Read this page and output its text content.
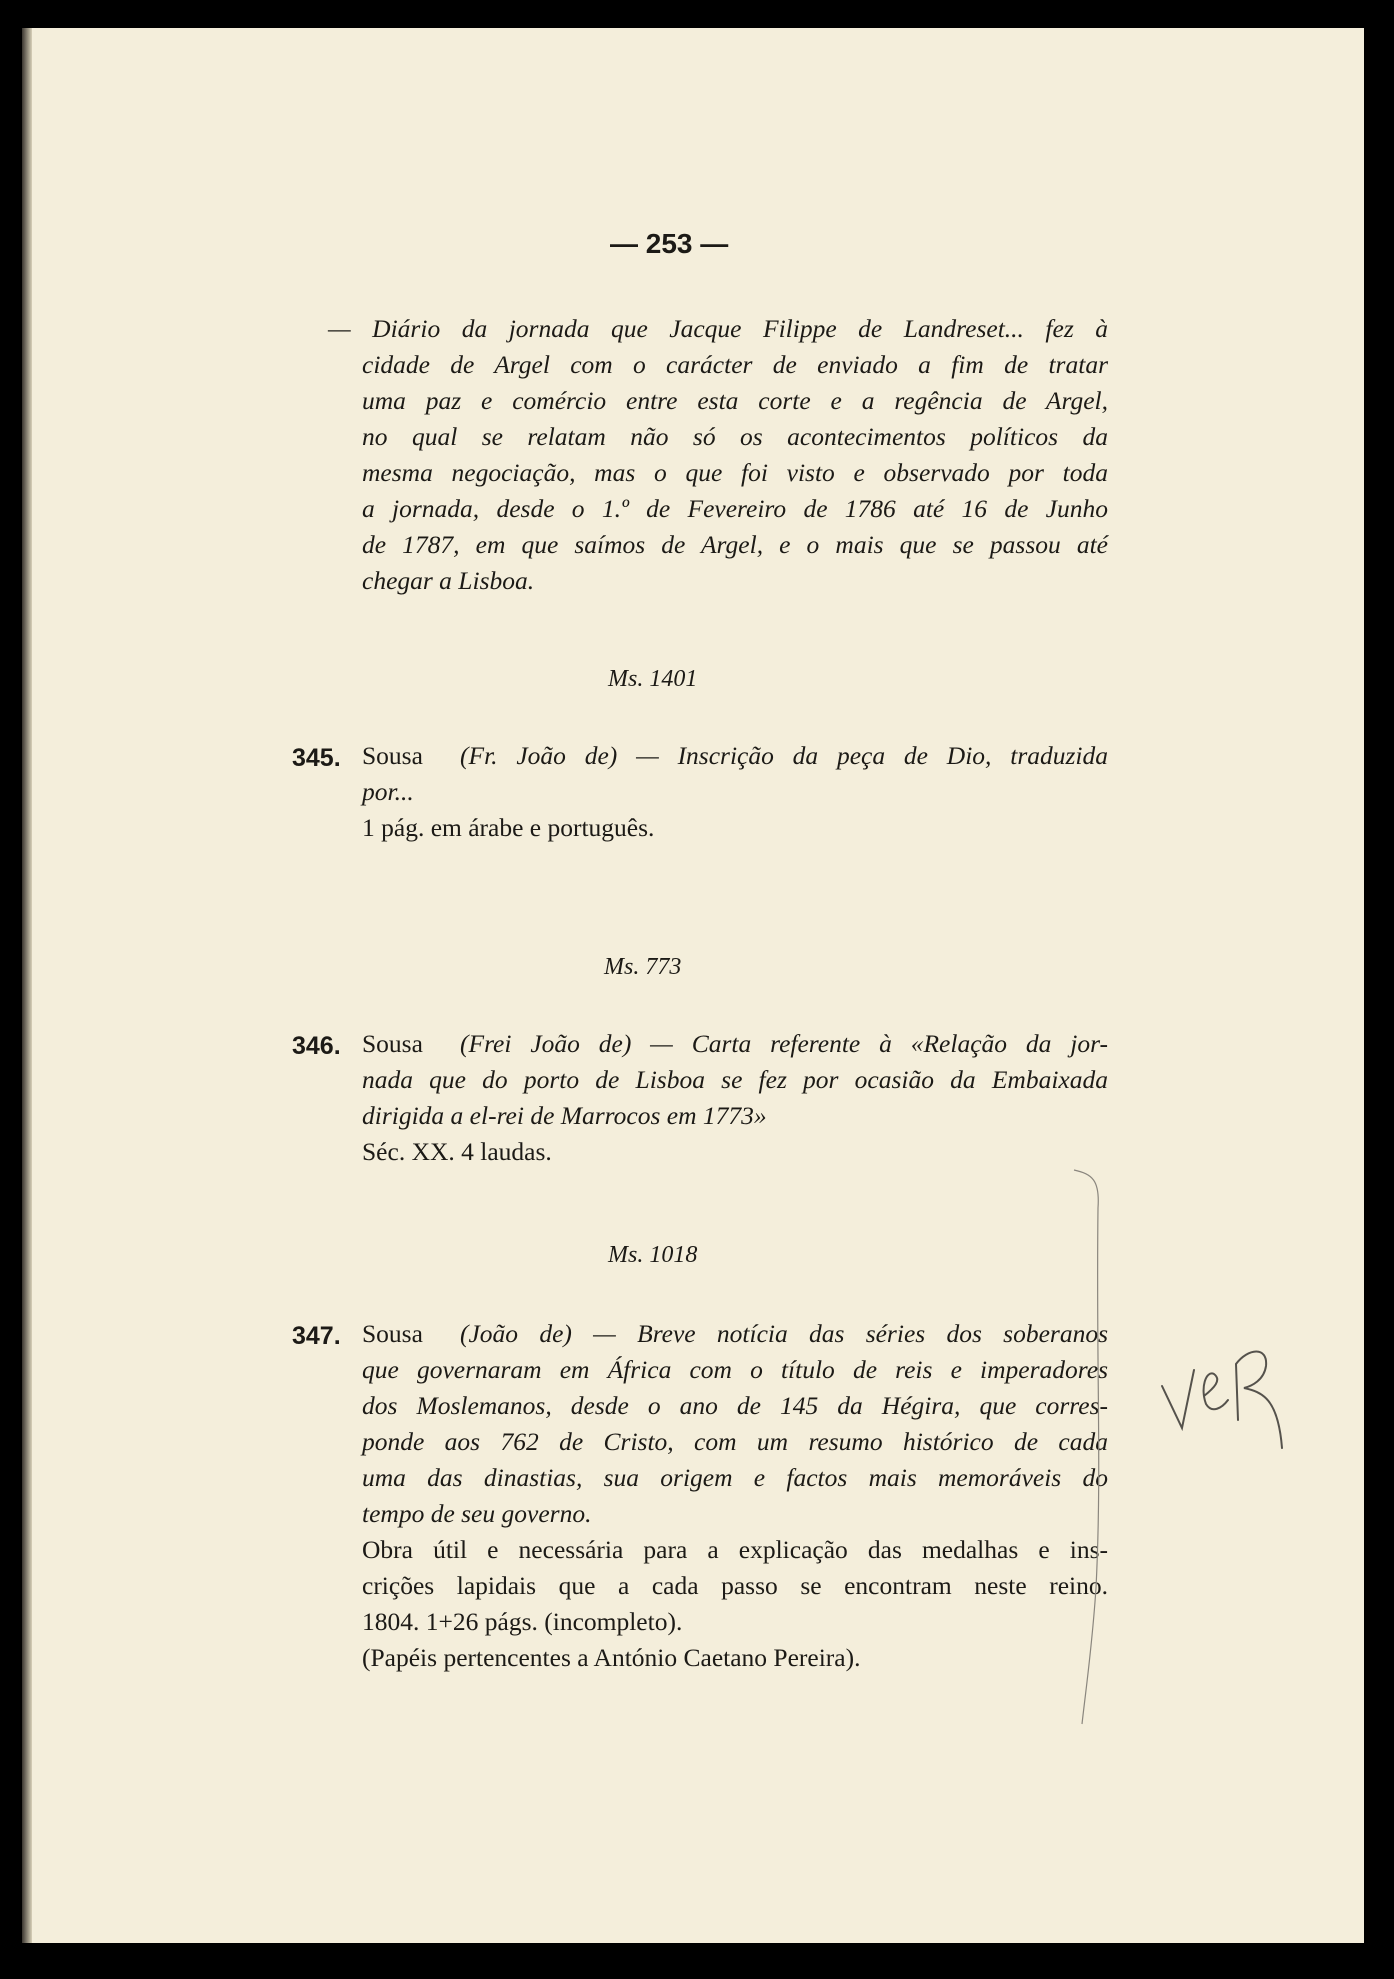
— 253 —
— Diário da jornada que Jacque Filippe de Landreset... fez à
cidade de Argel com o carácter de enviado a fim de tratar
uma paz e comércio entre esta corte e a regência de Argel,
no qual se relatam não só os acontecimentos políticos da
mesma negociação, mas o que foi visto e observado por toda
a jornada, desde o 1.º de Fevereiro de 1786 até 16 de Junho
de 1787, em que saímos de Argel, e o mais que se passou até
chegar a Lisboa.
Ms. 1401
345. Sousa (Fr. João de) — Inscrição da peça de Dio, traduzida
por...
1 pág. em árabe e português.
Ms. 773
346. Sousa (Frei João de) — Carta referente à «Relação da jor-
nada que do porto de Lisboa se fez por ocasião da Embaixada
dirigida a el-rei de Marrocos em 1773»
Séc. XX. 4 laudas.
Ms. 1018
347. Sousa (João de) — Breve notícia das séries dos soberanos
que governaram em África com o título de reis e imperadores
dos Moslemanos, desde o ano de 145 da Hégira, que corres-
ponde aos 762 de Cristo, com um resumo histórico de cada
uma das dinastias, sua origem e factos mais memoráveis do
tempo de seu governo.
Obra útil e necessária para a explicação das medalhas e ins-
crições lapidais que a cada passo se encontram neste reino.
1804. 1+26 págs. (incompleto).
(Papéis pertencentes a António Caetano Pereira).
